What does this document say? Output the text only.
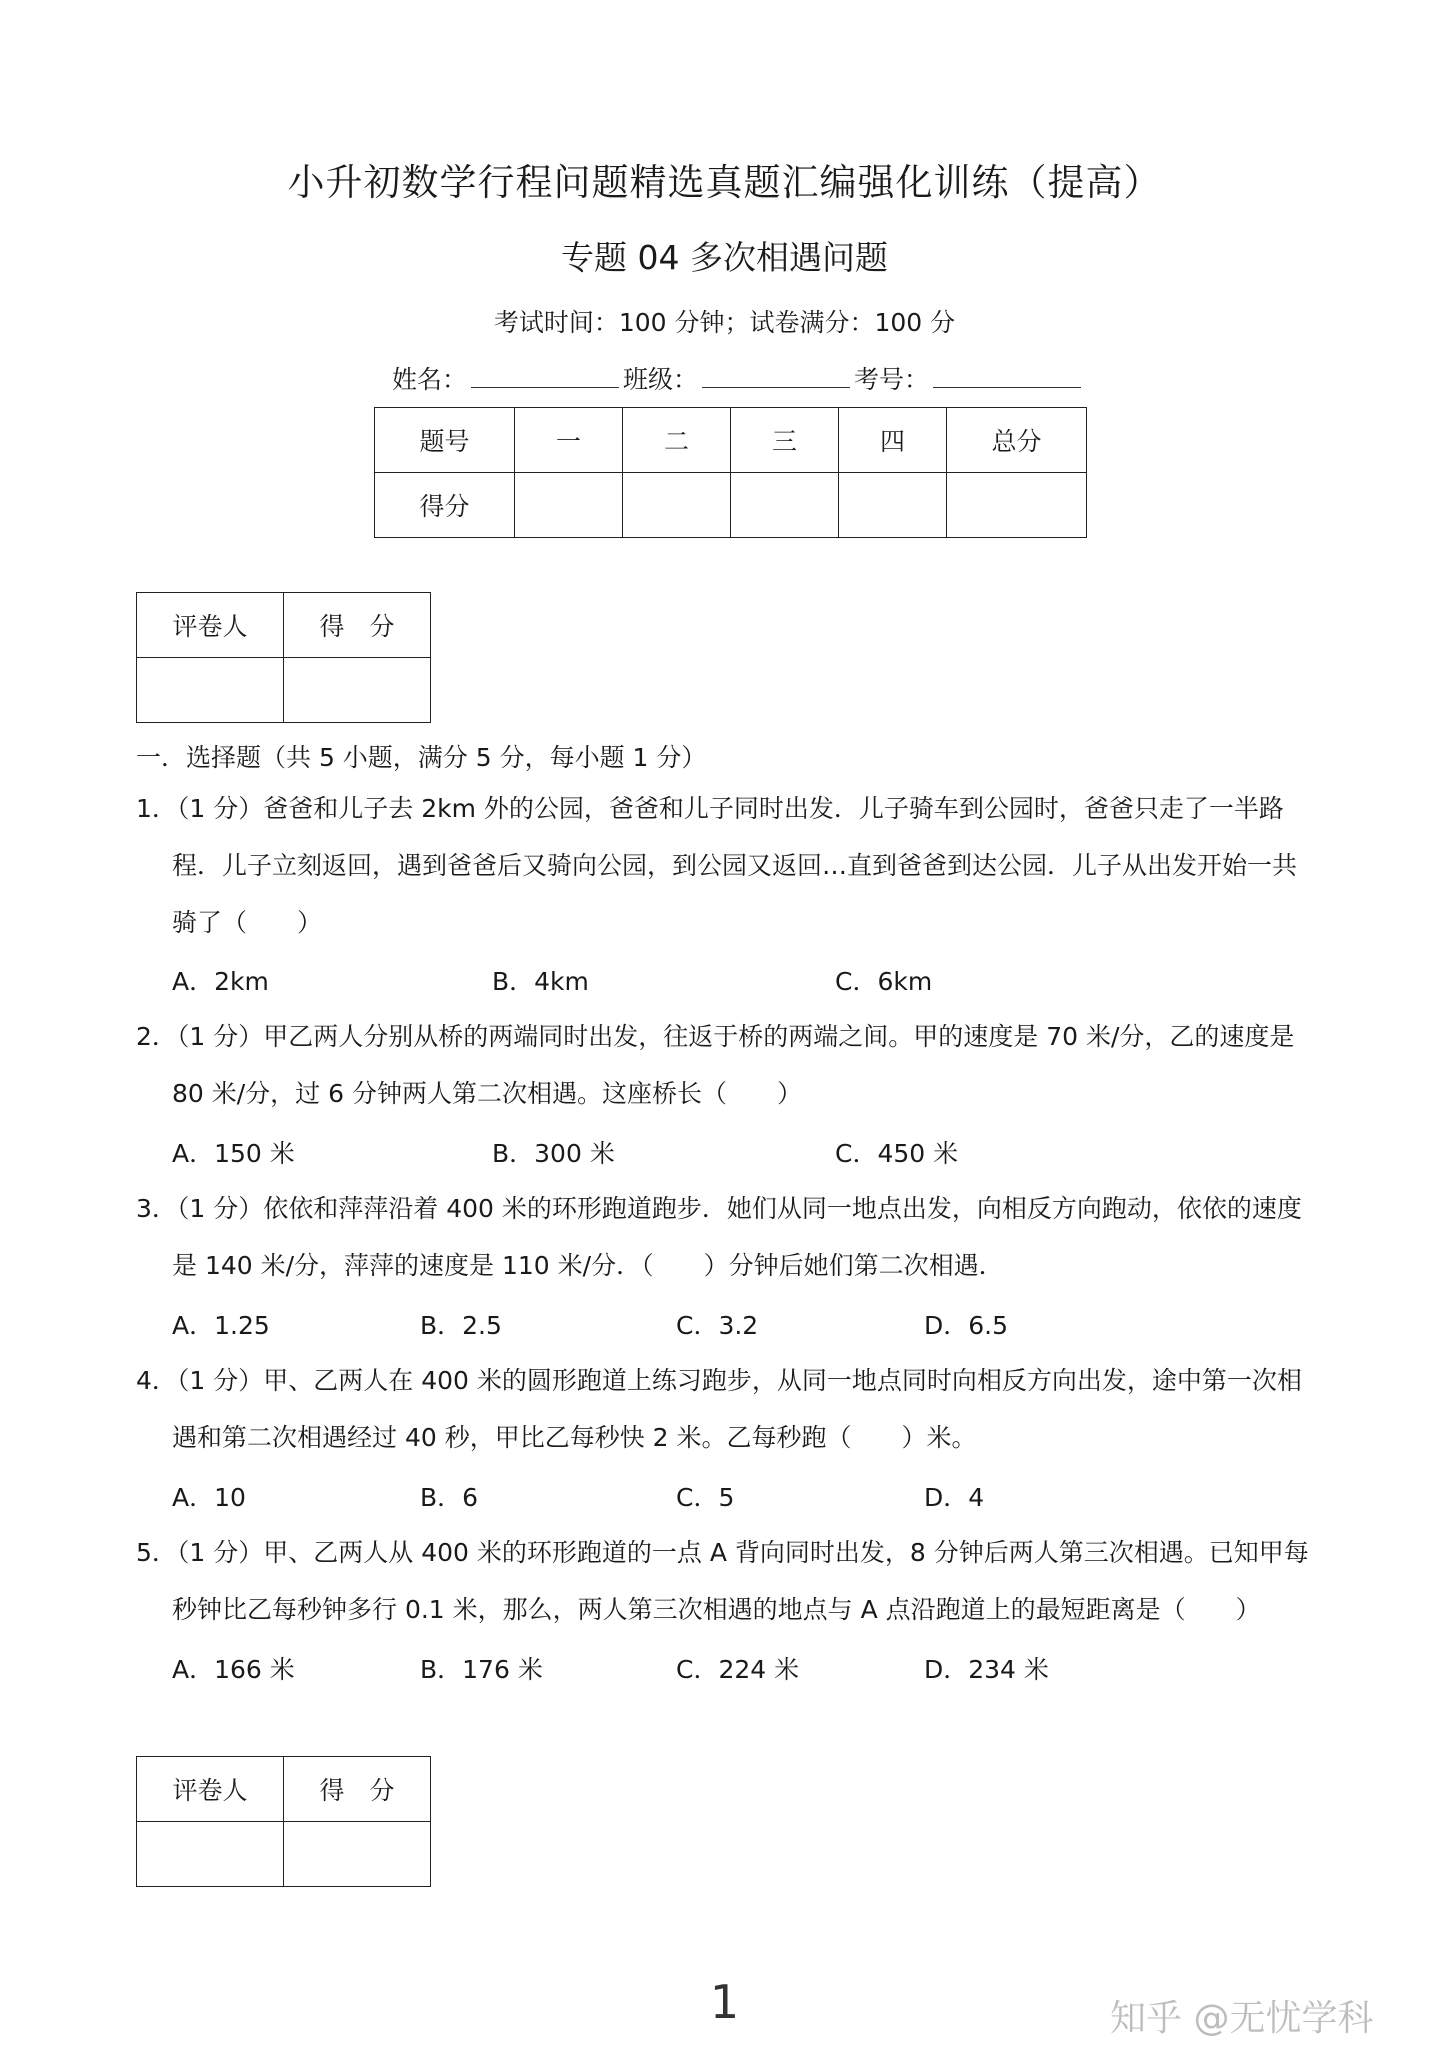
小升初数学行程问题精选真题汇编强化训练（提高）
专题 04 多次相遇问题
考试时间：100 分钟；试卷满分：100 分
姓名：	班级：	考号：
题号	一	二	三	四	总分
得分					
评卷人	得　分

一．选择题（共 5 小题，满分 5 分，每小题 1 分）
1．（1 分）爸爸和儿子去 2km 外的公园，爸爸和儿子同时出发．儿子骑车到公园时，爸爸只走了一半路
程．儿子立刻返回，遇到爸爸后又骑向公园，到公园又返回…直到爸爸到达公园．儿子从出发开始一共
骑了（　　）
A．2km	B．4km	C．6km
2．（1 分）甲乙两人分别从桥的两端同时出发，往返于桥的两端之间。甲的速度是 70 米/分，乙的速度是
80 米/分，过 6 分钟两人第二次相遇。这座桥长（　　）
A．150 米	B．300 米	C．450 米
3．（1 分）依依和萍萍沿着 400 米的环形跑道跑步．她们从同一地点出发，向相反方向跑动，依依的速度
是 140 米/分，萍萍的速度是 110 米/分．（　　）分钟后她们第二次相遇．
A．1.25	B．2.5	C．3.2	D．6.5
4．（1 分）甲、乙两人在 400 米的圆形跑道上练习跑步，从同一地点同时向相反方向出发，途中第一次相
遇和第二次相遇经过 40 秒，甲比乙每秒快 2 米。乙每秒跑（　　）米。
A．10	B．6	C．5	D．4
5．（1 分）甲、乙两人从 400 米的环形跑道的一点 A 背向同时出发，8 分钟后两人第三次相遇。已知甲每
秒钟比乙每秒钟多行 0.1 米，那么，两人第三次相遇的地点与 A 点沿跑道上的最短距离是（　　）
A．166 米	B．176 米	C．224 米	D．234 米
评卷人	得　分

1	知乎 @无忧学科
